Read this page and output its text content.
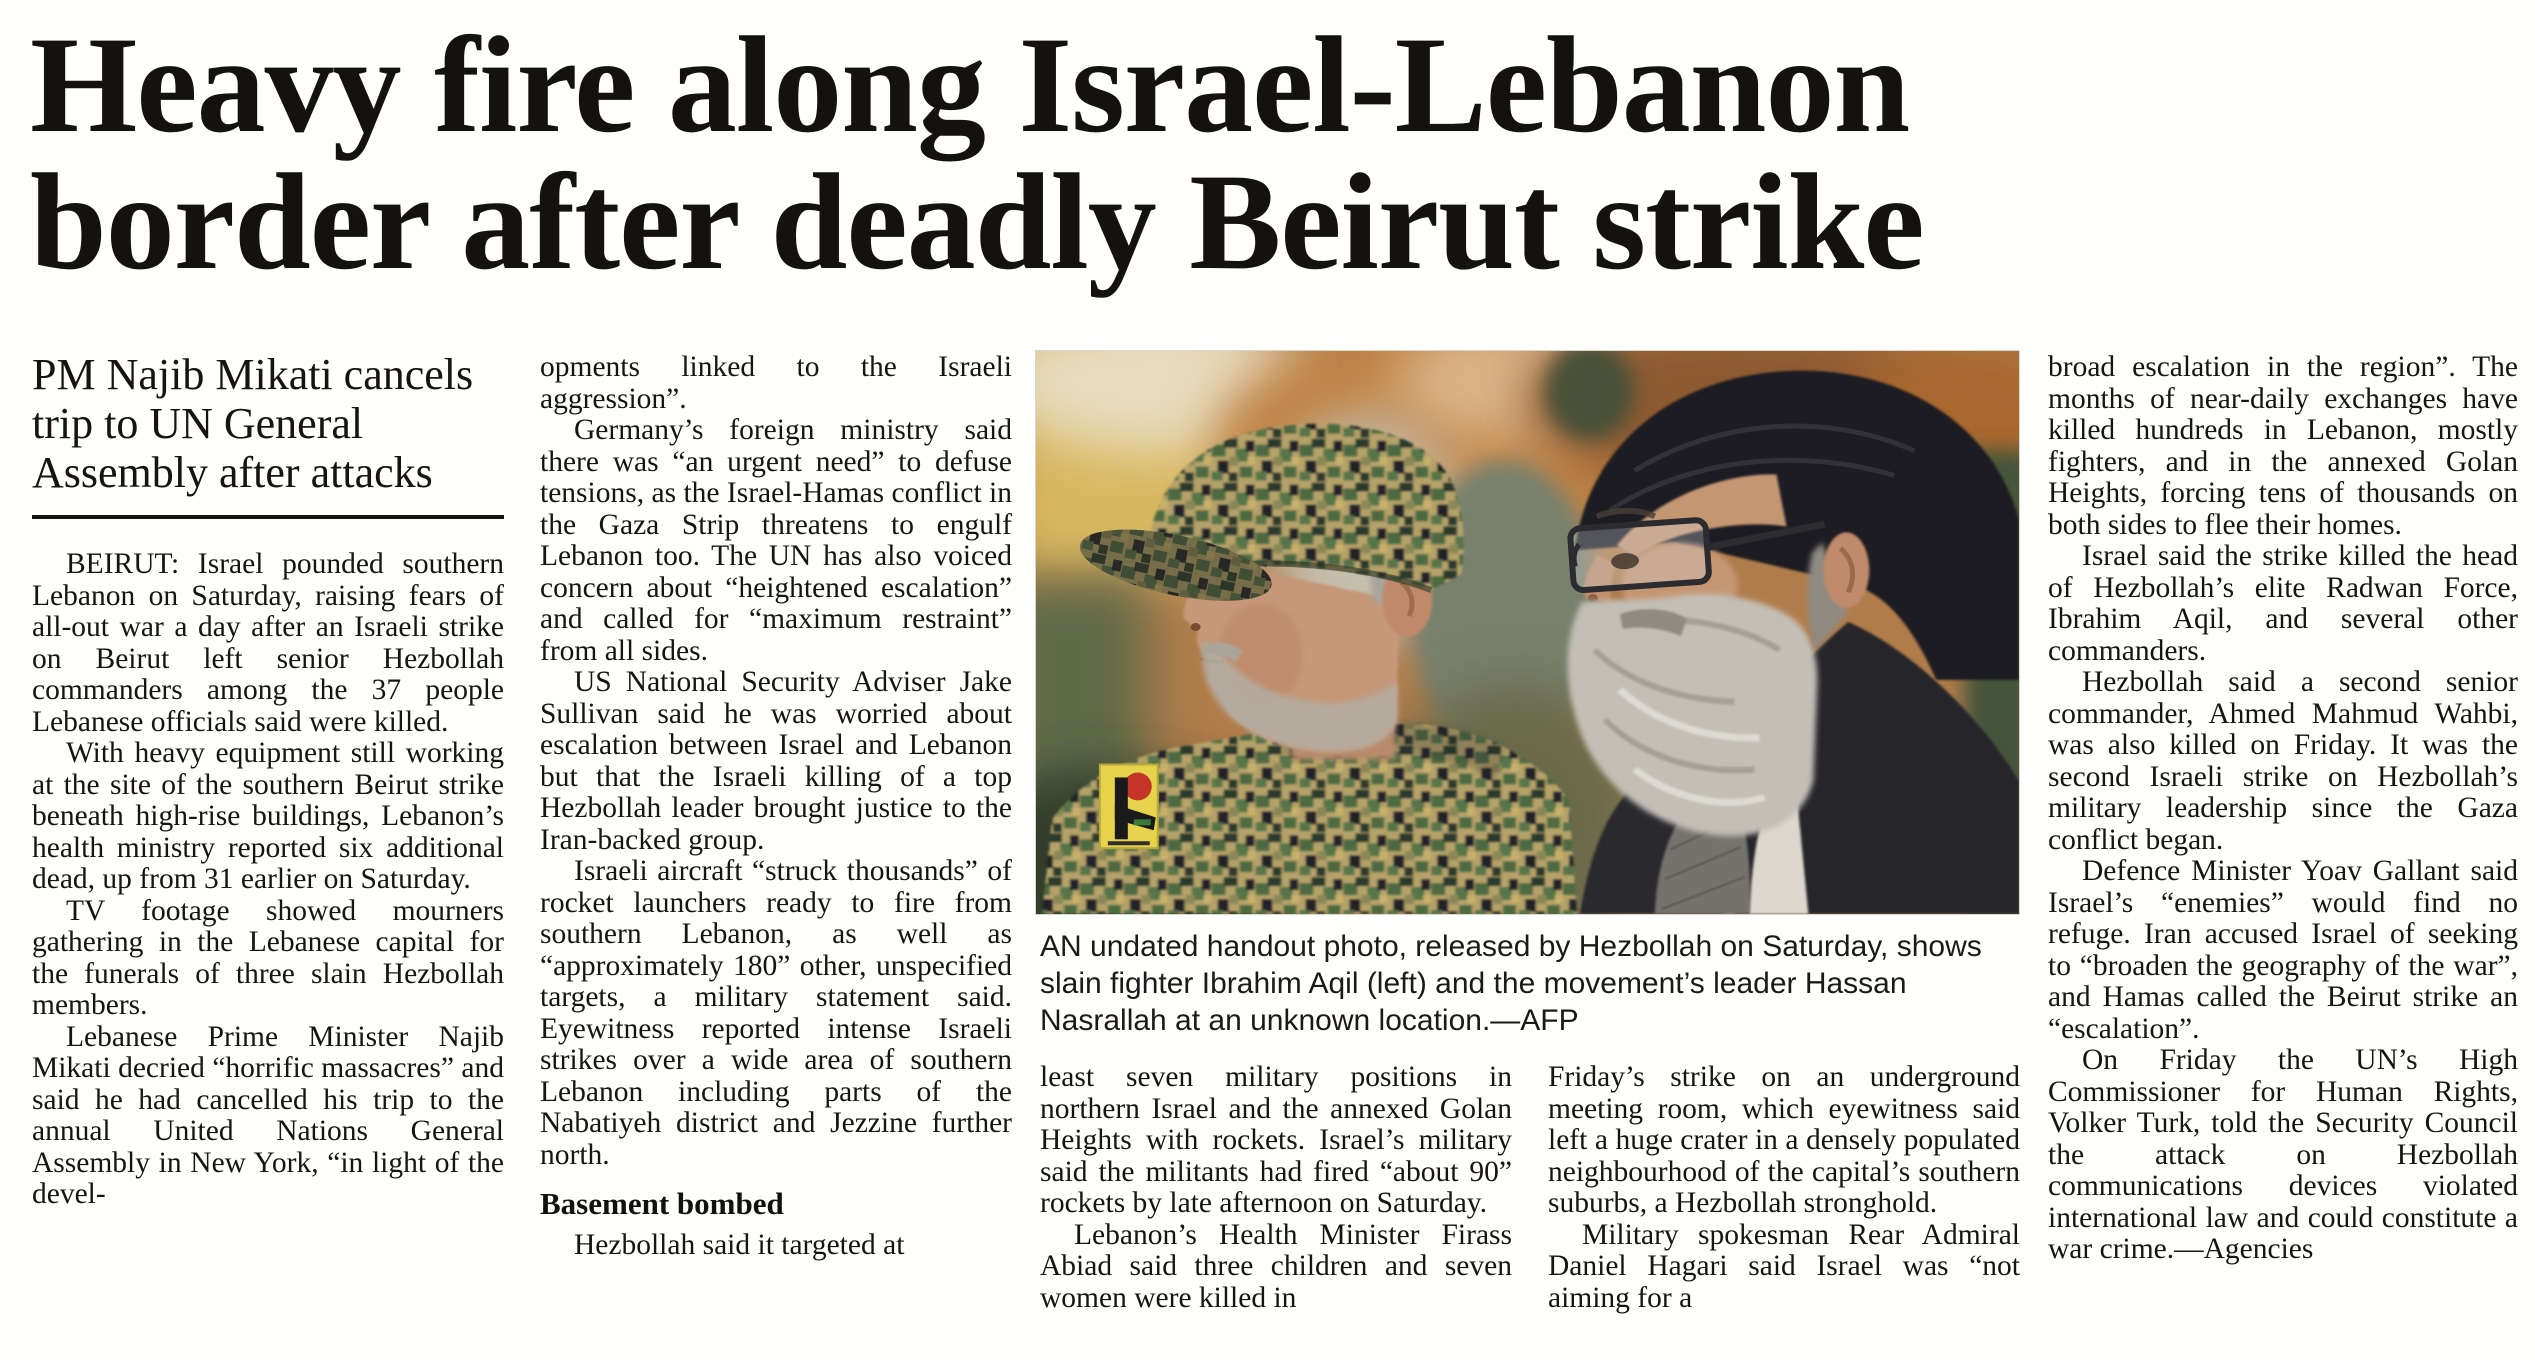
Heavy fire along Israel-Lebanon
border after deadly Beirut strike
PM Najib Mikati cancels trip to UN General Assembly after attacks

BEIRUT: Israel pounded southern Lebanon on Saturday, raising fears of all-out war a day after an Israeli strike on Beirut left senior Hezbollah commanders among the 37 people Lebanese officials said were killed.

With heavy equipment still working at the site of the southern Beirut strike beneath high-rise buildings, Lebanon’s health ministry reported six additional dead, up from 31 earlier on Saturday.

TV footage showed mourners gathering in the Lebanese capital for the funerals of three slain Hezbollah members.

Lebanese Prime Minister Najib Mikati decried “horrific massacres” and said he had cancelled his trip to the annual United Nations General Assembly in New York, “in light of the devel-

opments linked to the Israeli aggression”.

Germany’s foreign ministry said there was “an urgent need” to defuse tensions, as the Israel-Hamas conflict in the Gaza Strip threatens to engulf Lebanon too. The UN has also voiced concern about “heightened escalation” and called for “maximum restraint” from all sides.

US National Security Adviser Jake Sullivan said he was worried about escalation between Israel and Lebanon but that the Israeli killing of a top Hezbollah leader brought justice to the Iran-backed group.

Israeli aircraft “struck thousands” of rocket launchers ready to fire from southern Lebanon, as well as “approximately 180” other, unspecified targets, a military statement said. Eyewitness reported intense Israeli strikes over a wide area of southern Lebanon including parts of the Nabatiyeh district and Jezzine further north.

Basement bombed

Hezbollah said it targeted at

AN undated handout photo, released by Hezbollah on Saturday, shows slain fighter Ibrahim Aqil (left) and the movement’s leader Hassan Nasrallah at an unknown location.—AFP

least seven military positions in northern Israel and the annexed Golan Heights with rockets. Israel’s military said the militants had fired “about 90” rockets by late afternoon on Saturday.

Lebanon’s Health Minister Firass Abiad said three children and seven women were killed in

Friday’s strike on an underground meeting room, which eyewitness said left a huge crater in a densely populated neighbourhood of the capital’s southern suburbs, a Hezbollah stronghold.

Military spokesman Rear Admiral Daniel Hagari said Israel was “not aiming for a

broad escalation in the region”. The months of near-daily exchanges have killed hundreds in Lebanon, mostly fighters, and in the annexed Golan Heights, forcing tens of thousands on both sides to flee their homes.

Israel said the strike killed the head of Hezbollah’s elite Radwan Force, Ibrahim Aqil, and several other commanders.

Hezbollah said a second senior commander, Ahmed Mahmud Wahbi, was also killed on Friday. It was the second Israeli strike on Hezbollah’s military leadership since the Gaza conflict began.

Defence Minister Yoav Gallant said Israel’s “enemies” would find no refuge. Iran accused Israel of seeking to “broaden the geography of the war”, and Hamas called the Beirut strike an “escalation”.

On Friday the UN’s High Commissioner for Human Rights, Volker Turk, told the Security Council the attack on Hezbollah communications devices violated international law and could constitute a war crime.—Agencies
